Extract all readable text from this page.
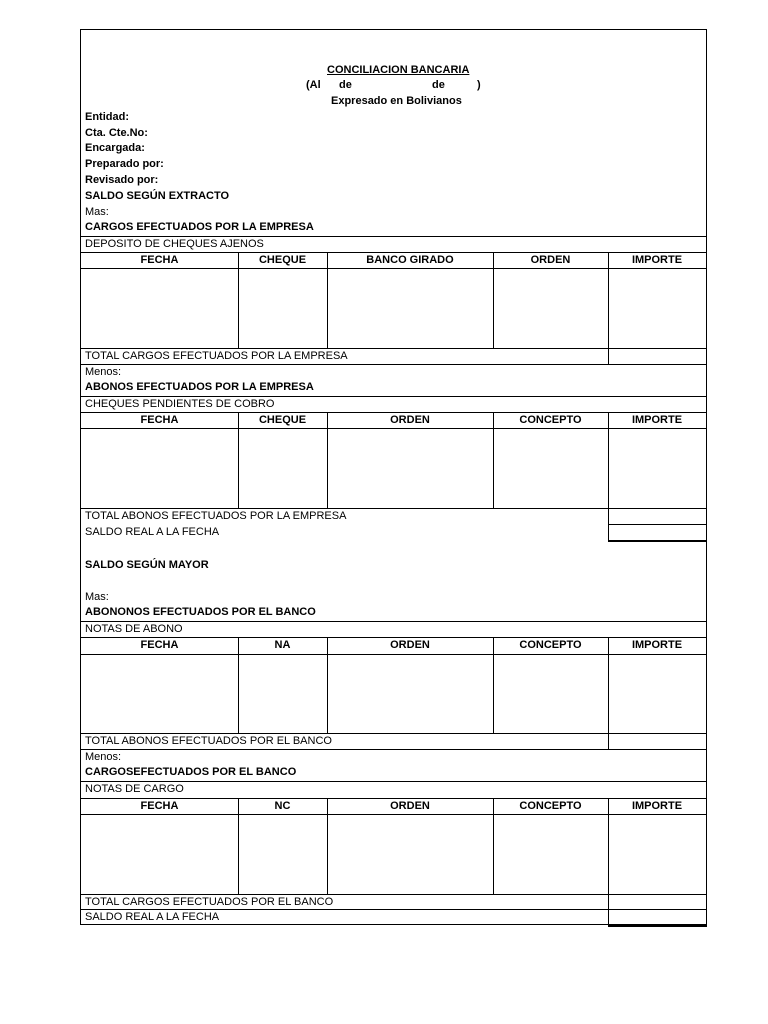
CONCILIACION BANCARIA
(Al de	de	)
Expresado en Bolivianos
Entidad:
Cta. Cte.No:
Encargada:
Preparado por:
Revisado por:
SALDO SEGÚN EXTRACTO
Mas:
CARGOS EFECTUADOS POR LA EMPRESA
DEPOSITO DE CHEQUES AJENOS
FECHA	CHEQUE	BANCO GIRADO	ORDEN	IMPORTE
TOTAL CARGOS EFECTUADOS POR LA EMPRESA
Menos:
ABONOS EFECTUADOS POR LA EMPRESA
CHEQUES PENDIENTES DE COBRO
FECHA	CHEQUE	ORDEN	CONCEPTO	IMPORTE
TOTAL ABONOS EFECTUADOS POR LA EMPRESA
SALDO REAL A LA FECHA
SALDO SEGÚN MAYOR
Mas:
ABONONOS EFECTUADOS POR EL BANCO
NOTAS DE ABONO
FECHA	NA	ORDEN	CONCEPTO	IMPORTE
TOTAL ABONOS EFECTUADOS POR EL BANCO
Menos:
CARGOSEFECTUADOS POR EL BANCO
NOTAS DE CARGO
FECHA	NC	ORDEN	CONCEPTO	IMPORTE
TOTAL CARGOS EFECTUADOS POR EL BANCO
SALDO REAL A LA FECHA
